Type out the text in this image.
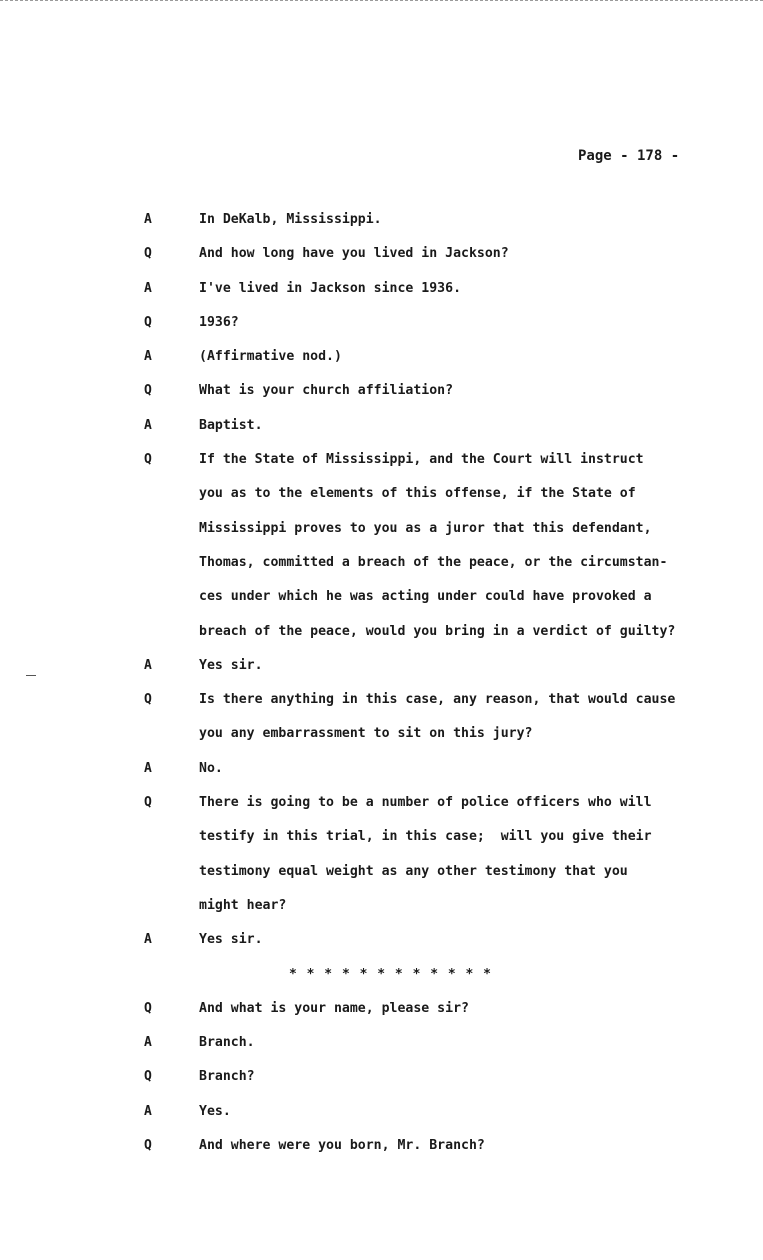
Page - 178 -
A	In DeKalb, Mississippi.
Q	And how long have you lived in Jackson?
A	I've lived in Jackson since 1936.
Q	1936?
A	(Affirmative nod.)
Q	What is your church affiliation?
A	Baptist.
Q	If the State of Mississippi, and the Court will instruct
you as to the elements of this offense, if the State of
Mississippi proves to you as a juror that this defendant,
Thomas, committed a breach of the peace, or the circumstan-
ces under which he was acting under could have provoked a
breach of the peace, would you bring in a verdict of guilty?
A	Yes sir.
Q	Is there anything in this case, any reason, that would cause
you any embarrassment to sit on this jury?
A	No.
Q	There is going to be a number of police officers who will
testify in this trial, in this case;  will you give their
testimony equal weight as any other testimony that you
might hear?
A	Yes sir.
* * * * * * * * * * * *
Q	And what is your name, please sir?
A	Branch.
Q	Branch?
A	Yes.
Q	And where were you born, Mr. Branch?
